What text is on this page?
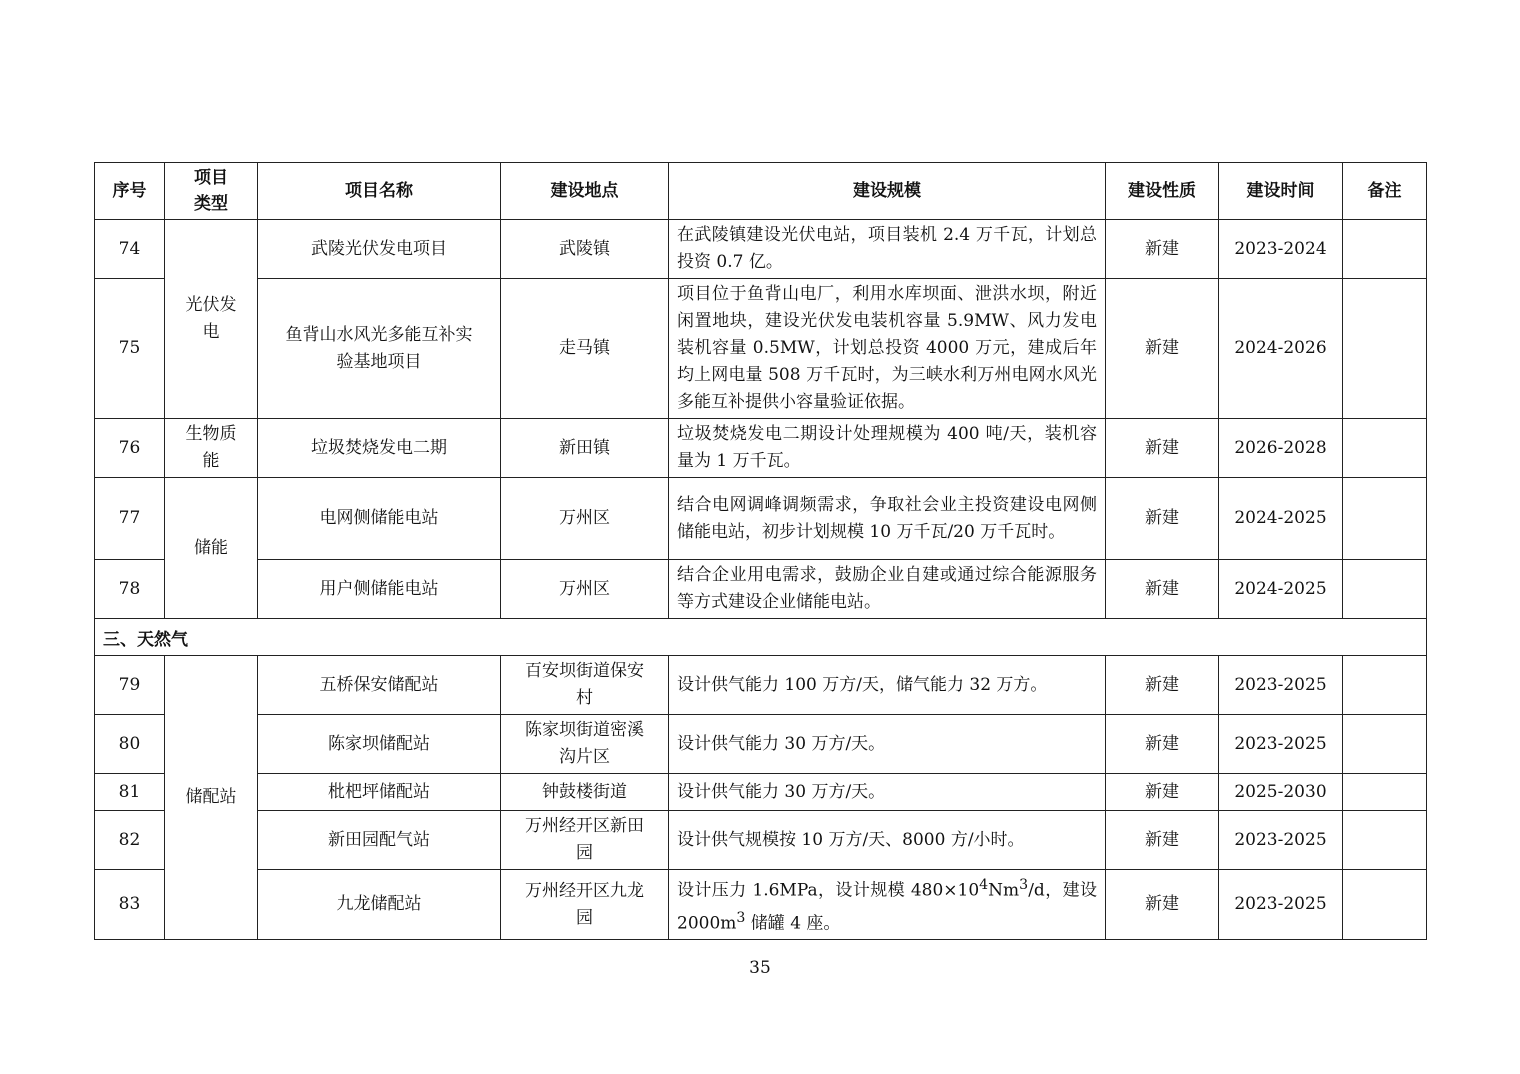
序号	项目类型	项目名称	建设地点	建设规模	建设性质	建设时间	备注
74	光伏发电	武陵光伏发电项目	武陵镇	在武陵镇建设光伏电站，项目装机 2.4 万千瓦，计划总投资 0.7 亿。	新建	2023-2024	
75		鱼背山水风光多能互补实验基地项目	走马镇	项目位于鱼背山电厂，利用水库坝面、泄洪水坝，附近闲置地块，建设光伏发电装机容量 5.9MW、风力发电装机容量 0.5MW，计划总投资 4000 万元，建成后年均上网电量 508 万千瓦时，为三峡水利万州电网水风光多能互补提供小容量验证依据。	新建	2024-2026	
76	生物质能	垃圾焚烧发电二期	新田镇	垃圾焚烧发电二期设计处理规模为 400 吨/天，装机容量为 1 万千瓦。	新建	2026-2028	
77	储能	电网侧储能电站	万州区	结合电网调峰调频需求，争取社会业主投资建设电网侧储能电站，初步计划规模 10 万千瓦/20 万千瓦时。	新建	2024-2025	
78		用户侧储能电站	万州区	结合企业用电需求，鼓励企业自建或通过综合能源服务等方式建设企业储能电站。	新建	2024-2025	
三、天然气							
79	储配站	五桥保安储配站	百安坝街道保安村	设计供气能力 100 万方/天，储气能力 32 万方。	新建	2023-2025	
80		陈家坝储配站	陈家坝街道密溪沟片区	设计供气能力 30 万方/天。	新建	2023-2025	
81		枇杷坪储配站	钟鼓楼街道	设计供气能力 30 万方/天。	新建	2025-2030	
82		新田园配气站	万州经开区新田园	设计供气规模按 10 万方/天、8000 方/小时。	新建	2023-2025	
83		九龙储配站	万州经开区九龙园	设计压力 1.6MPa，设计规模 $480\times 10^4Nm^3/d$，建设 $2000m^3$ 储罐 4 座。	新建	2023-2025	
35
